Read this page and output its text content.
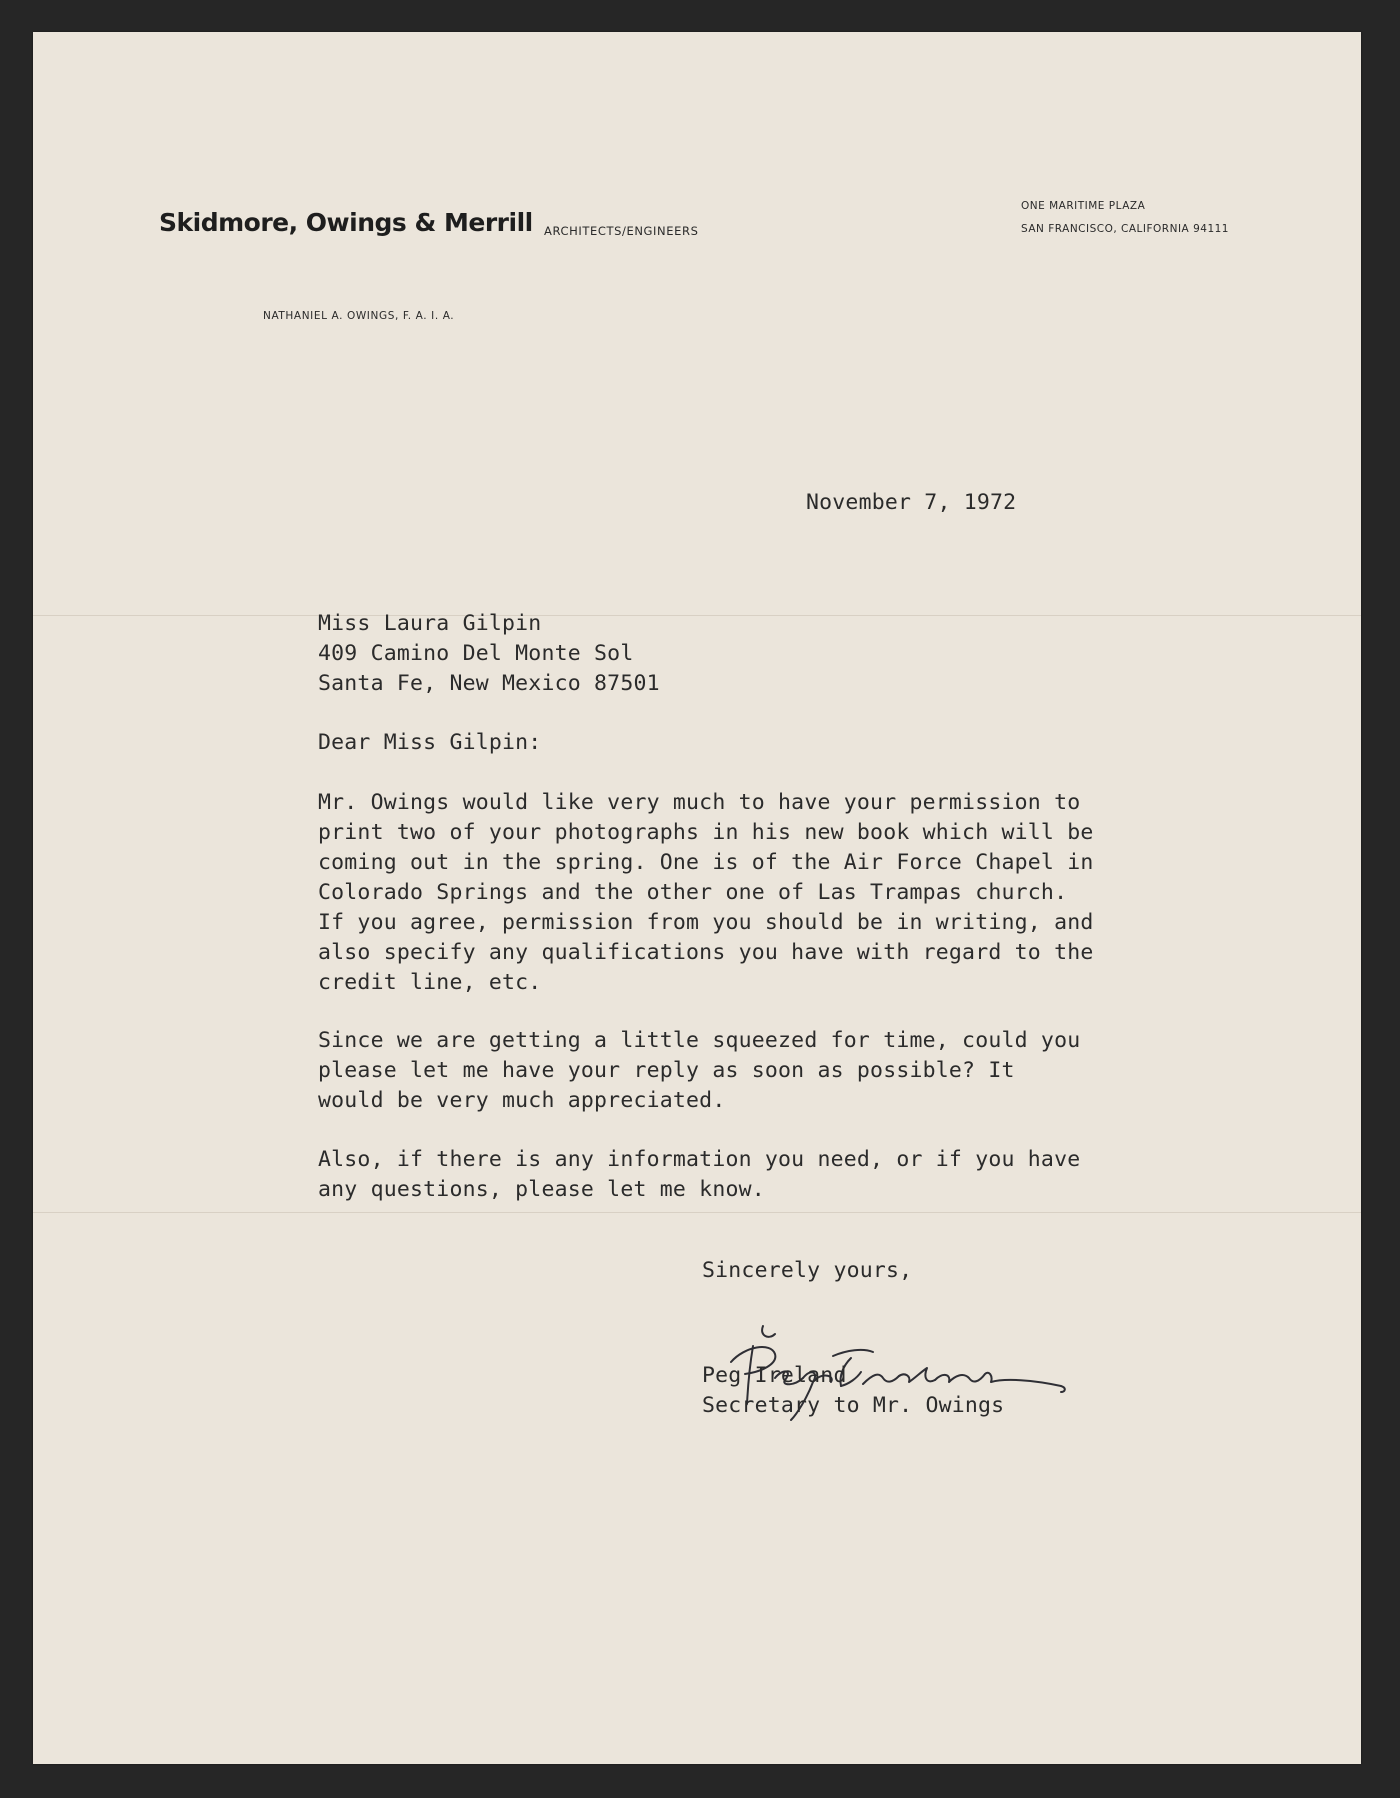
Skidmore, Owings & Merrill ARCHITECTS/ENGINEERS
ONE MARITIME PLAZA
SAN FRANCISCO, CALIFORNIA 94111
NATHANIEL A. OWINGS, F. A. I. A.
November 7, 1972
Miss Laura Gilpin
409 Camino Del Monte Sol
Santa Fe, New Mexico 87501
Dear Miss Gilpin:
Mr. Owings would like very much to have your permission to
print two of your photographs in his new book which will be
coming out in the spring. One is of the Air Force Chapel in
Colorado Springs and the other one of Las Trampas church.
If you agree, permission from you should be in writing, and
also specify any qualifications you have with regard to the
credit line, etc.
Since we are getting a little squeezed for time, could you
please let me have your reply as soon as possible? It
would be very much appreciated.
Also, if there is any information you need, or if you have
any questions, please let me know.
Sincerely yours,
Peg Ireland
Secretary to Mr. Owings
